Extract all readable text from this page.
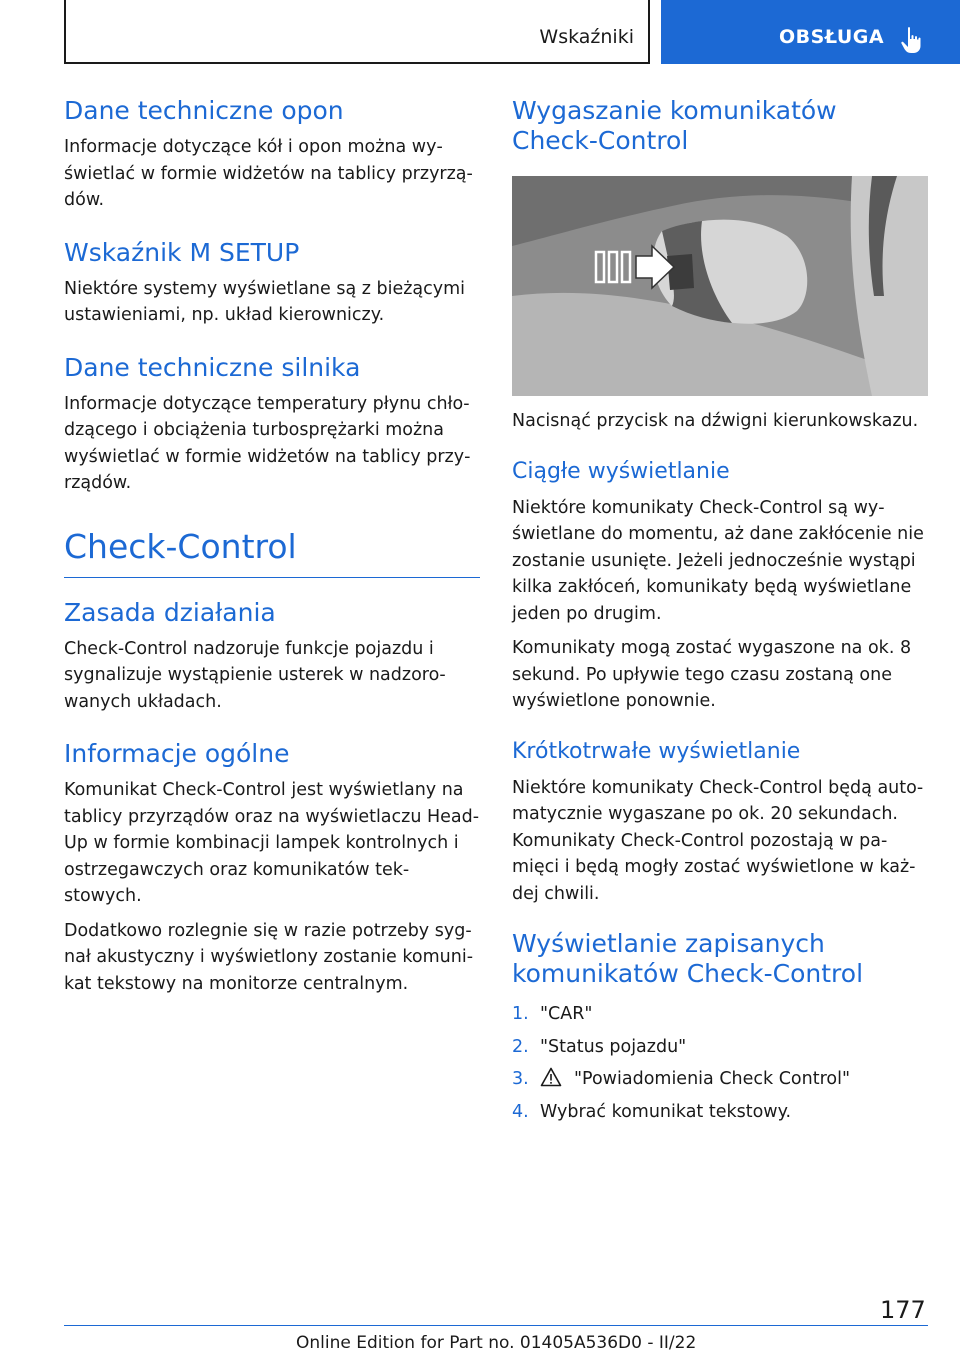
Wskaźniki	OBSŁUGA
Dane techniczne opon

Informacje dotyczące kół i opon można wyświetlać w formie widżetów na tablicy przyrządów.

Wskaźnik M SETUP

Niektóre systemy wyświetlane są z bieżącymi ustawieniami, np. układ kierowniczy.

Dane techniczne silnika

Informacje dotyczące temperatury płynu chłodzącego i obciążenia turbosprężarki można wyświetlać w formie widżetów na tablicy przyrządów.

Check-Control
Zasada działania

Check-Control nadzoruje funkcje pojazdu i sygnalizuje wystąpienie usterek w nadzorowanych układach.

Informacje ogólne

Komunikat Check-Control jest wyświetlany na tablicy przyrządów oraz na wyświetlaczu Head-Up w formie kombinacji lampek kontrolnych i ostrzegawczych oraz komunikatów tekstowych.

Dodatkowo rozlegnie się w razie potrzeby sygnał akustyczny i wyświetlony zostanie komunikat tekstowy na monitorze centralnym.

Wygaszanie komunikatów Check-Control

Nacisnąć przycisk na dźwigni kierunkowskazu.

Ciągłe wyświetlanie

Niektóre komunikaty Check-Control są wyświetlane do momentu, aż dane zakłócenie nie zostanie usunięte. Jeżeli jednocześnie wystąpi kilka zakłóceń, komunikaty będą wyświetlane jeden po drugim.

Komunikaty mogą zostać wygaszone na ok. 8 sekund. Po upływie tego czasu zostaną one wyświetlone ponownie.

Krótkotrwałe wyświetlanie

Niektóre komunikaty Check-Control będą automatycznie wygaszane po ok. 20 sekundach. Komunikaty Check-Control pozostają w pamięci i będą mogły zostać wyświetlone w każdej chwili.

Wyświetlanie zapisanych komunikatów Check-Control
1. "CAR"
2. "Status pojazdu"
3.	"Powiadomienia Check Control"
4. Wybrać komunikat tekstowy.
177
Online Edition for Part no. 01405A536D0 - II/22
